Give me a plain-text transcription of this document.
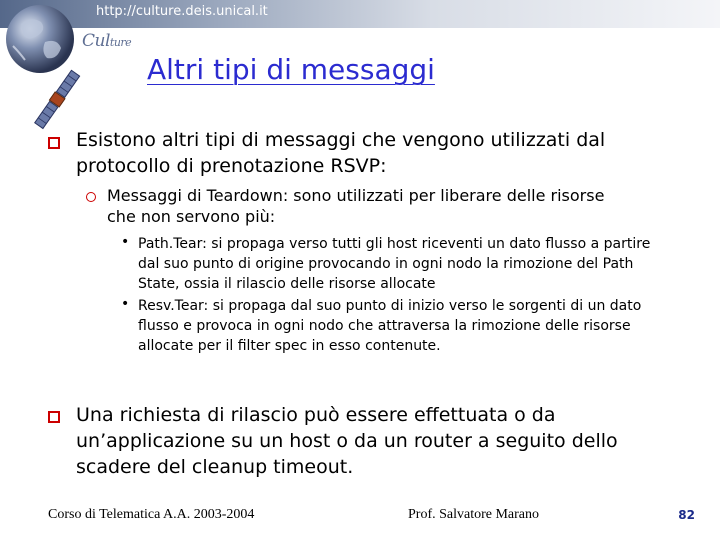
http://culture.deis.unical.it
Culture
Altri tipi di messaggi
Esistono altri tipi di messaggi che vengono utilizzati dal protocollo di prenotazione RSVP:
Messaggi di Teardown: sono utilizzati per liberare delle risorse che non servono più:
• Path.Tear: si propaga verso tutti gli host riceventi un dato flusso a partire dal suo punto di origine provocando in ogni nodo la rimozione del Path State, ossia il rilascio delle risorse allocate
• Resv.Tear: si propaga dal suo punto di inizio verso le sorgenti di un dato flusso e provoca in ogni nodo che attraversa la rimozione delle risorse allocate per il filter spec in esso contenute.
Una richiesta di rilascio può essere effettuata o da un’applicazione su un host o da un router a seguito dello scadere del cleanup timeout.
Corso di Telematica A.A. 2003-2004	Prof. Salvatore Marano	82
